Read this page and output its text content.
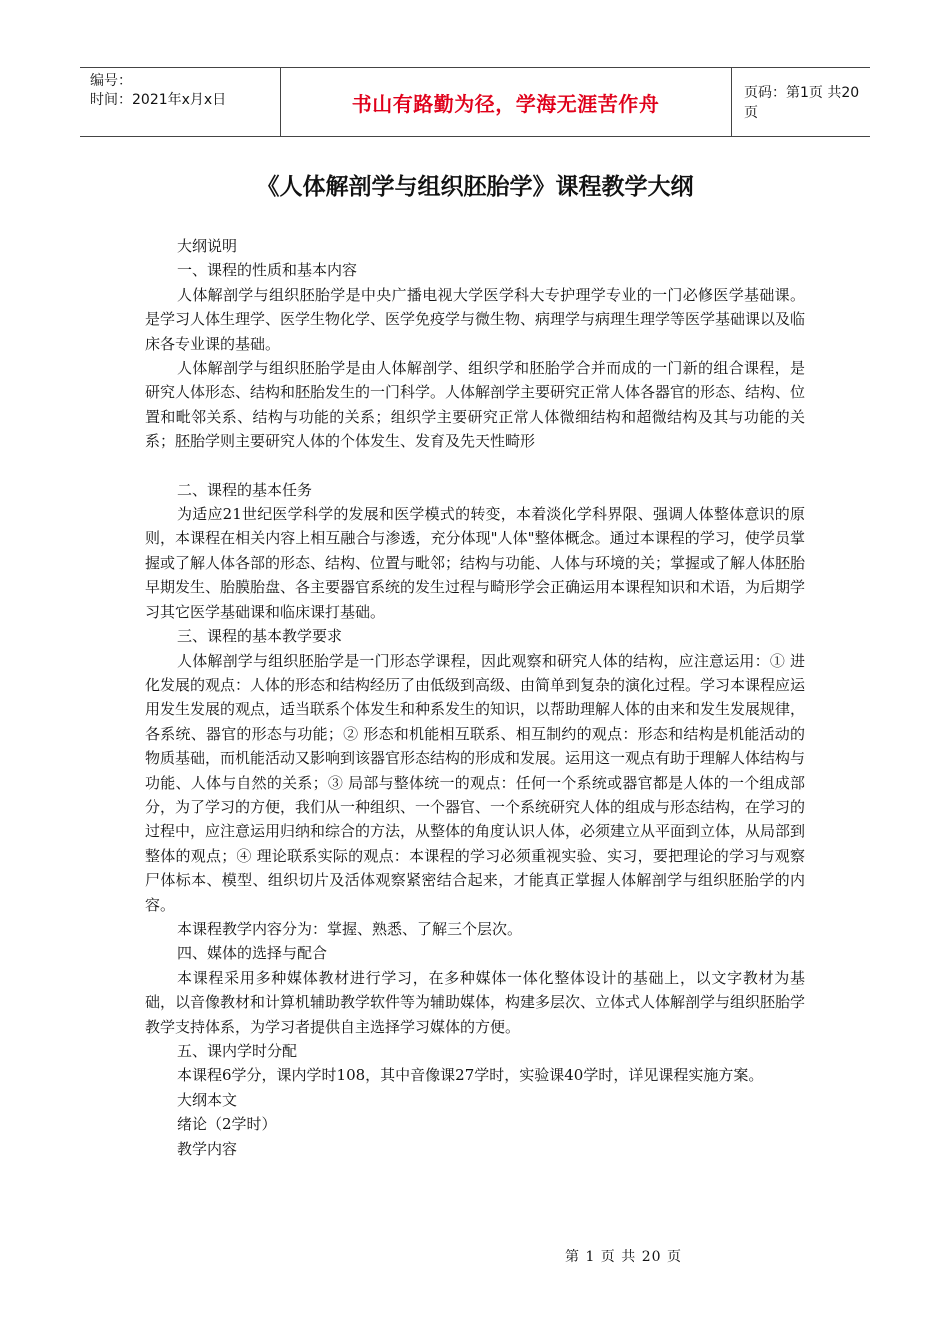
编号：
时间：2021年x月x日	书山有路勤为径，学海无涯苦作舟	页码：第1页 共20页
《人体解剖学与组织胚胎学》课程教学大纲

大纲说明

一、课程的性质和基本内容

人体解剖学与组织胚胎学是中央广播电视大学医学科大专护理学专业的一门必修医学基础课。是学习人体生理学、医学生物化学、医学免疫学与微生物、病理学与病理生理学等医学基础课以及临床各专业课的基础。

人体解剖学与组织胚胎学是由人体解剖学、组织学和胚胎学合并而成的一门新的组合课程，是研究人体形态、结构和胚胎发生的一门科学。人体解剖学主要研究正常人体各器官的形态、结构、位置和毗邻关系、结构与功能的关系；组织学主要研究正常人体微细结构和超微结构及其与功能的关系；胚胎学则主要研究人体的个体发生、发育及先天性畸形

二、课程的基本任务

为适应21世纪医学科学的发展和医学模式的转变，本着淡化学科界限、强调人体整体意识的原则，本课程在相关内容上相互融合与渗透，充分体现"人体"整体概念。通过本课程的学习，使学员掌握或了解人体各部的形态、结构、位置与毗邻；结构与功能、人体与环境的关；掌握或了解人体胚胎早期发生、胎膜胎盘、各主要器官系统的发生过程与畸形学会正确运用本课程知识和术语，为后期学习其它医学基础课和临床课打基础。

三、课程的基本教学要求

人体解剖学与组织胚胎学是一门形态学课程，因此观察和研究人体的结构，应注意运用：① 进化发展的观点：人体的形态和结构经历了由低级到高级、由简单到复杂的演化过程。学习本课程应运用发生发展的观点，适当联系个体发生和种系发生的知识，以帮助理解人体的由来和发生发展规律，各系统、器官的形态与功能；② 形态和机能相互联系、相互制约的观点：形态和结构是机能活动的物质基础，而机能活动又影响到该器官形态结构的形成和发展。运用这一观点有助于理解人体结构与功能、人体与自然的关系；③ 局部与整体统一的观点：任何一个系统或器官都是人体的一个组成部分，为了学习的方便，我们从一种组织、一个器官、一个系统研究人体的组成与形态结构，在学习的过程中，应注意运用归纳和综合的方法，从整体的角度认识人体，必须建立从平面到立体，从局部到整体的观点；④ 理论联系实际的观点：本课程的学习必须重视实验、实习，要把理论的学习与观察尸体标本、模型、组织切片及活体观察紧密结合起来，才能真正掌握人体解剖学与组织胚胎学的内容。

本课程教学内容分为：掌握、熟悉、了解三个层次。

四、媒体的选择与配合

本课程采用多种媒体教材进行学习，在多种媒体一体化整体设计的基础上，以文字教材为基础，以音像教材和计算机辅助教学软件等为辅助媒体，构建多层次、立体式人体解剖学与组织胚胎学教学支持体系，为学习者提供自主选择学习媒体的方便。

五、课内学时分配

本课程6学分，课内学时108，其中音像课27学时，实验课40学时，详见课程实施方案。

大纲本文

绪论（2学时）

教学内容

第 1 页 共 20 页
